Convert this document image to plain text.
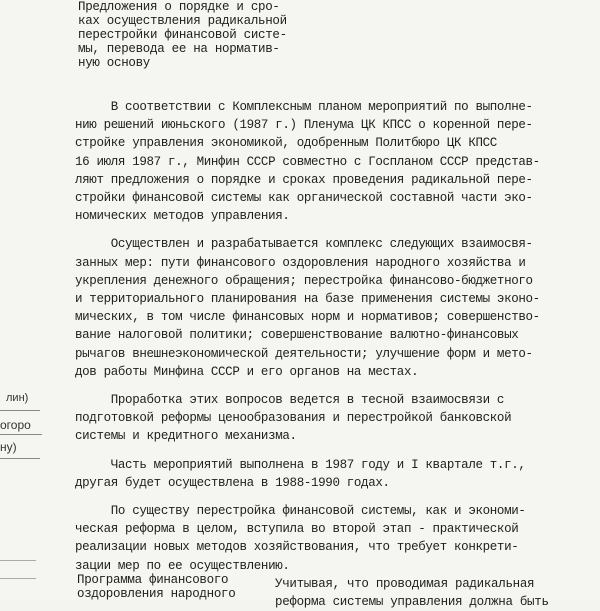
Предложения о порядке и сро-
ках осуществления радикальной
перестройки финансовой систе-
мы, перевода ее на норматив-
ную основу

В соответствии с Комплексным планом мероприятий по выполне-
нию решений июньского (1987 г.) Пленума ЦК КПСС о коренной пере-
стройке управления экономикой, одобренным Политбюро ЦК КПСС
16 июля 1987 г., Минфин СССР совместно с Госпланом СССР представ-
ляют предложения о порядке и сроках проведения радикальной пере-
стройки финансовой системы как органической составной части эко-
номических методов управления.

Осуществлен и разрабатывается комплекс следующих взаимосвя-
занных мер: пути финансового оздоровления народного хозяйства и
укрепления денежного обращения; перестройка финансово-бюджетного
и территориального планирования на базе применения системы эконо-
мических, в том числе финансовых норм и нормативов; совершенство-
вание налоговой политики; совершенствование валютно-финансовых
рычагов внешнеэкономической деятельности; улучшение форм и мето-
дов работы Минфина СССР и его органов на местах.

Проработка этих вопросов ведется в тесной взаимосвязи с
подготовкой реформы ценообразования и перестройкой банковской
системы и кредитного механизма.

Часть мероприятий выполнена в 1987 году и I квартале т.г.,
другая будет осуществлена в 1988-1990 годах.

По существу перестройка финансовой системы, как и экономи-
ческая реформа в целом, вступила во второй этап - практической
реализации новых методов хозяйствования, что требует конкрети-
зации мер по ее осуществлению.

Программа финансового
оздоровления народного
Учитывая, что проводимая радикальная
реформа системы управления должна быть
лин)
огоро
ну)
